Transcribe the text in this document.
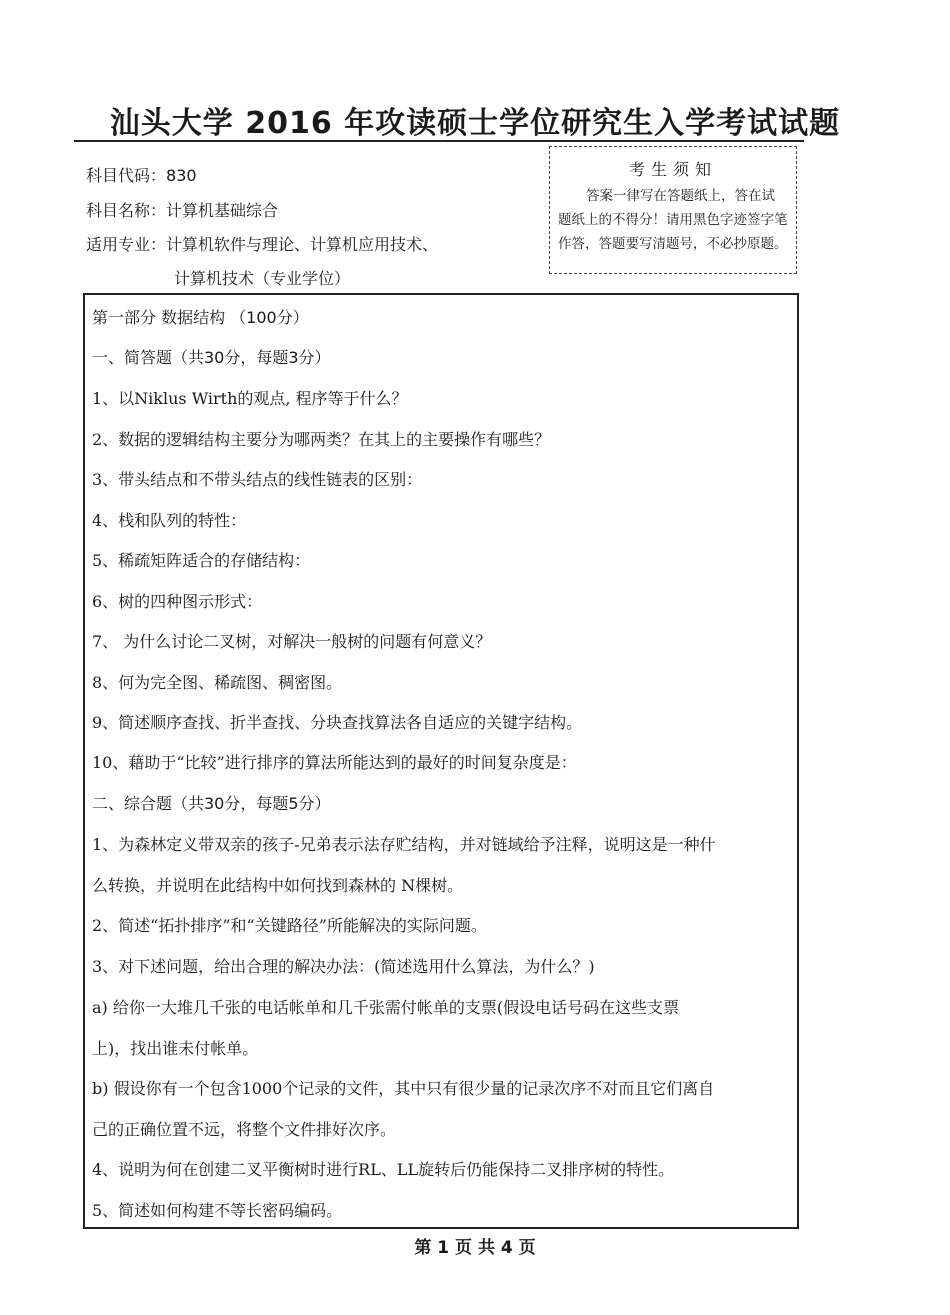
汕头大学 2016 年攻读硕士学位研究生入学考试试题
科目代码：830
科目名称：计算机基础综合
适用专业：计算机软件与理论、计算机应用技术、
计算机技术（专业学位）
考生须知
答案一律写在答题纸上，答在试题纸上的不得分！请用黑色字迹签字笔作答，答题要写清题号，不必抄原题。
第一部分 数据结构 （100分）
一、简答题（共30分，每题3分）
1、以Niklus Wirth的观点, 程序等于什么？
2、数据的逻辑结构主要分为哪两类？在其上的主要操作有哪些？
3、带头结点和不带头结点的线性链表的区别：
4、栈和队列的特性：
5、稀疏矩阵适合的存储结构：
6、树的四种图示形式：
7、 为什么讨论二叉树，对解决一般树的问题有何意义？
8、何为完全图、稀疏图、稠密图。
9、简述顺序查找、折半查找、分块查找算法各自适应的关键字结构。
10、藉助于“比较”进行排序的算法所能达到的最好的时间复杂度是：
二、综合题（共30分，每题5分）
1、为森林定义带双亲的孩子-兄弟表示法存贮结构，并对链域给予注释，说明这是一种什
么转换，并说明在此结构中如何找到森林的 N棵树。
2、简述“拓扑排序”和“关键路径”所能解决的实际问题。
3、对下述问题，给出合理的解决办法：(简述选用什么算法，为什么？)
a) 给你一大堆几千张的电话帐单和几千张需付帐单的支票(假设电话号码在这些支票
上)，找出谁未付帐单。
b) 假设你有一个包含1000个记录的文件，其中只有很少量的记录次序不对而且它们离自
己的正确位置不远，将整个文件排好次序。
4、说明为何在创建二叉平衡树时进行RL、LL旋转后仍能保持二叉排序树的特性。
5、简述如何构建不等长密码编码。
第 1 页 共 4 页
